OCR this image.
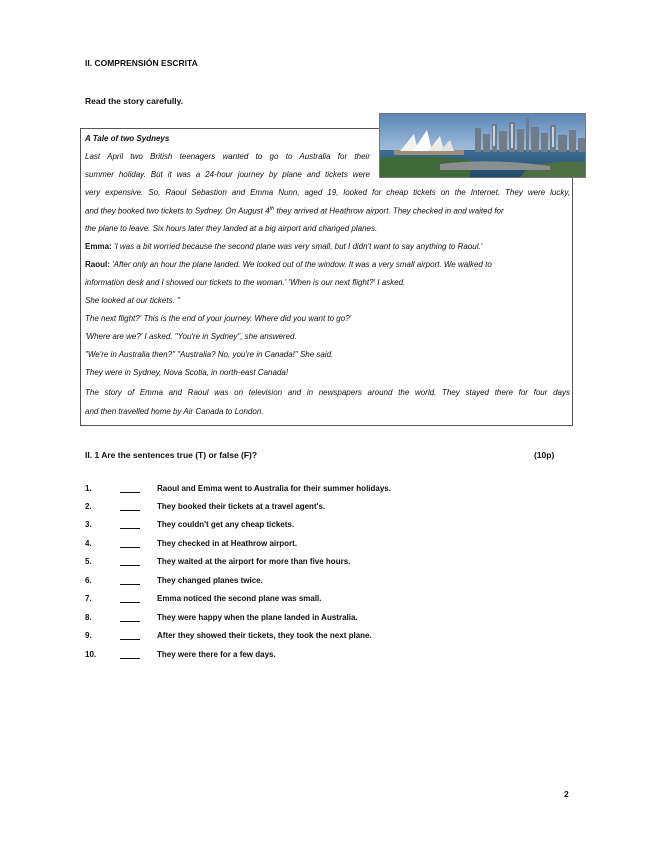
II. COMPRENSIÓN ESCRITA
Read the story carefully.
A Tale of two Sydneys
Last April two British teenagers wanted to go to Australia for their
summer holiday. But it was a 24-hour journey by plane and tickets were
very expensive. So, Raoul Sebastion and Emma Nunn, aged 19, looked for cheap tickets on the Internet. They were lucky,
and they booked two tickets to Sydney. On August 4th they arrived at Heathrow airport. They checked in and waited for
the plane to leave. Six hours later they landed at a big airport and changed planes.
Emma: 'I was a bit worried because the second plane was very small, but I didn't want to say anything to Raoul.'
Raoul: 'After only an hour the plane landed. We looked out of the window. It was a very small airport. We walked to
information desk and I showed our tickets to the woman.' 'When is our next flight?' I asked.
She looked at our tickets. "
The next flight?' This is the end of your journey. Where did you want to go?'
'Where are we?' I asked. "You're in Sydney", she answered.
"We're in Australia then?" "Australia? No, you're in Canada!" She said.
They were in Sydney, Nova Scotia, in north-east Canada!
The story of Emma and Raoul was on television and in newspapers around the world. They stayed there for four days
and then travelled home by Air Canada to London.
II. 1 Are the sentences true (T) or false (F)?	(10p)
1.	Raoul and Emma went to Australia for their summer holidays.
2.	They booked their tickets at a travel agent's.
3.	They couldn't get any cheap tickets.
4.	They checked in at Heathrow airport.
5.	They waited at the airport for more than five hours.
6.	They changed planes twice.
7.	Emma noticed the second plane was small.
8.	They were happy when the plane landed in Australia.
9.	After they showed their tickets, they took the next plane.
10.	They were there for a few days.
2
